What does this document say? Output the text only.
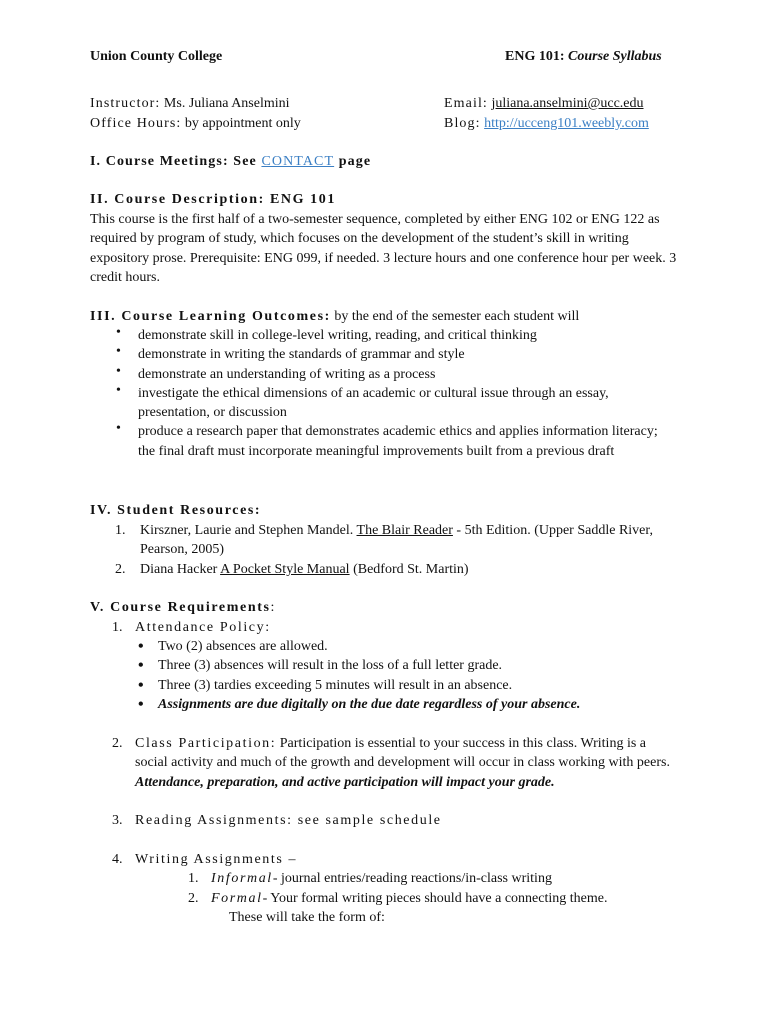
Union County College	ENG 101: Course Syllabus
Instructor: Ms. Juliana Anselmini
Office Hours: by appointment only
Email: juliana.anselmini@ucc.edu
Blog: http://ucceng101.weebly.com
I. Course Meetings: See CONTACT page
II. Course Description: ENG 101
This course is the first half of a two-semester sequence, completed by either ENG 102 or ENG 122 as required by program of study, which focuses on the development of the student’s skill in writing expository prose. Prerequisite: ENG 099, if needed. 3 lecture hours and one conference hour per week. 3 credit hours.
III. Course Learning Outcomes: by the end of the semester each student will
• demonstrate skill in college-level writing, reading, and critical thinking
• demonstrate in writing the standards of grammar and style
• demonstrate an understanding of writing as a process
• investigate the ethical dimensions of an academic or cultural issue through an essay, presentation, or discussion
• produce a research paper that demonstrates academic ethics and applies information literacy; the final draft must incorporate meaningful improvements built from a previous draft
IV. Student Resources:
1. Kirszner, Laurie and Stephen Mandel. The Blair Reader - 5th Edition. (Upper Saddle River, Pearson, 2005)
2. Diana Hacker A Pocket Style Manual (Bedford St. Martin)
V. Course Requirements:
1. Attendance Policy:
• Two (2) absences are allowed.
• Three (3) absences will result in the loss of a full letter grade.
• Three (3) tardies exceeding 5 minutes will result in an absence.
• Assignments are due digitally on the due date regardless of your absence.
2. Class Participation: Participation is essential to your success in this class. Writing is a social activity and much of the growth and development will occur in class working with peers. Attendance, preparation, and active participation will impact your grade.
3. Reading Assignments: see sample schedule
4. Writing Assignments –
1. Informal- journal entries/reading reactions/in-class writing
2. Formal- Your formal writing pieces should have a connecting theme.
These will take the form of:
